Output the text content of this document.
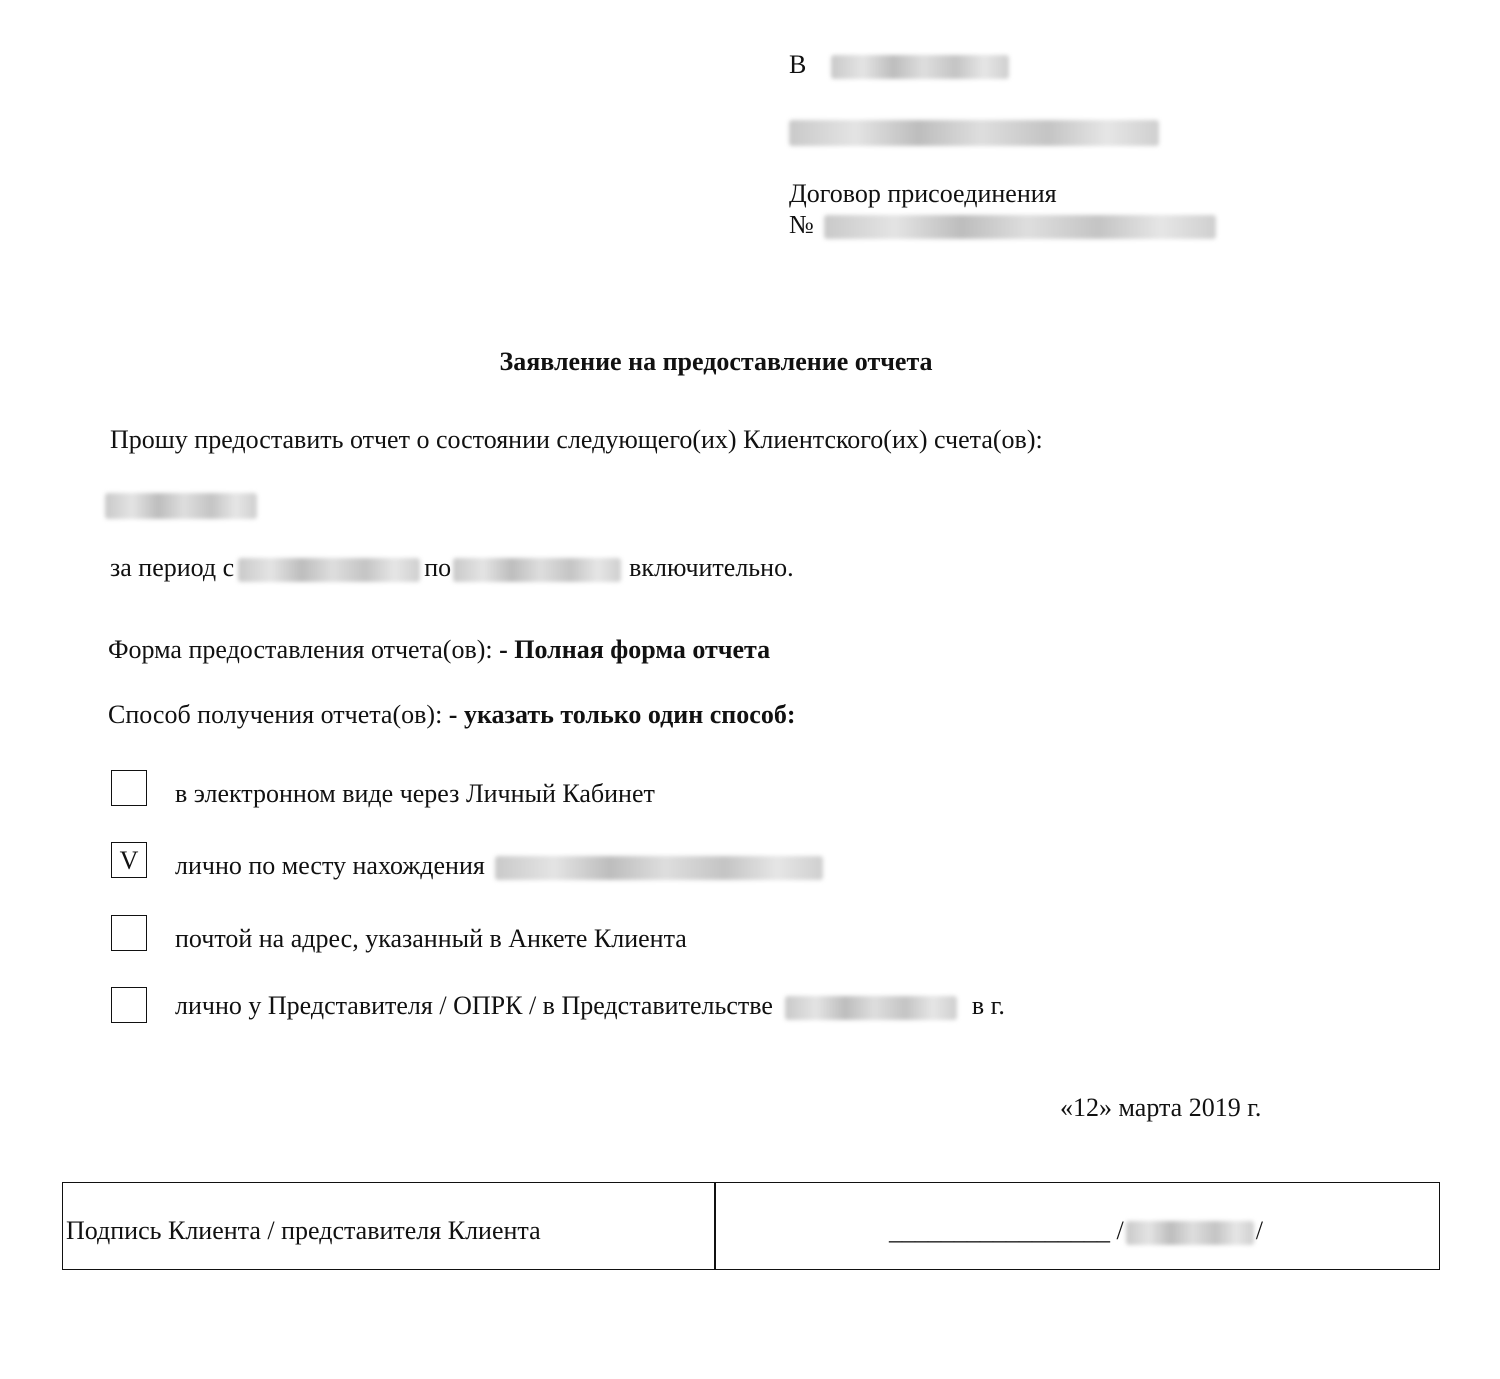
В
Договор присоединения
№
Заявление на предоставление отчета
Прошу предоставить отчет о состоянии следующего(их) Клиентского(их) счета(ов):
за период с	по	включительно.
Форма предоставления отчета(ов): - Полная форма отчета
Способ получения отчета(ов): - указать только один способ:
в электронном виде через Личный Кабинет
V	лично по месту нахождения
почтой на адрес, указанный в Анкете Клиента
лично у Представителя / ОПРК / в Представительстве	в г.
«12» марта 2019 г.
Подпись Клиента / представителя Клиента	_________________ /	/
